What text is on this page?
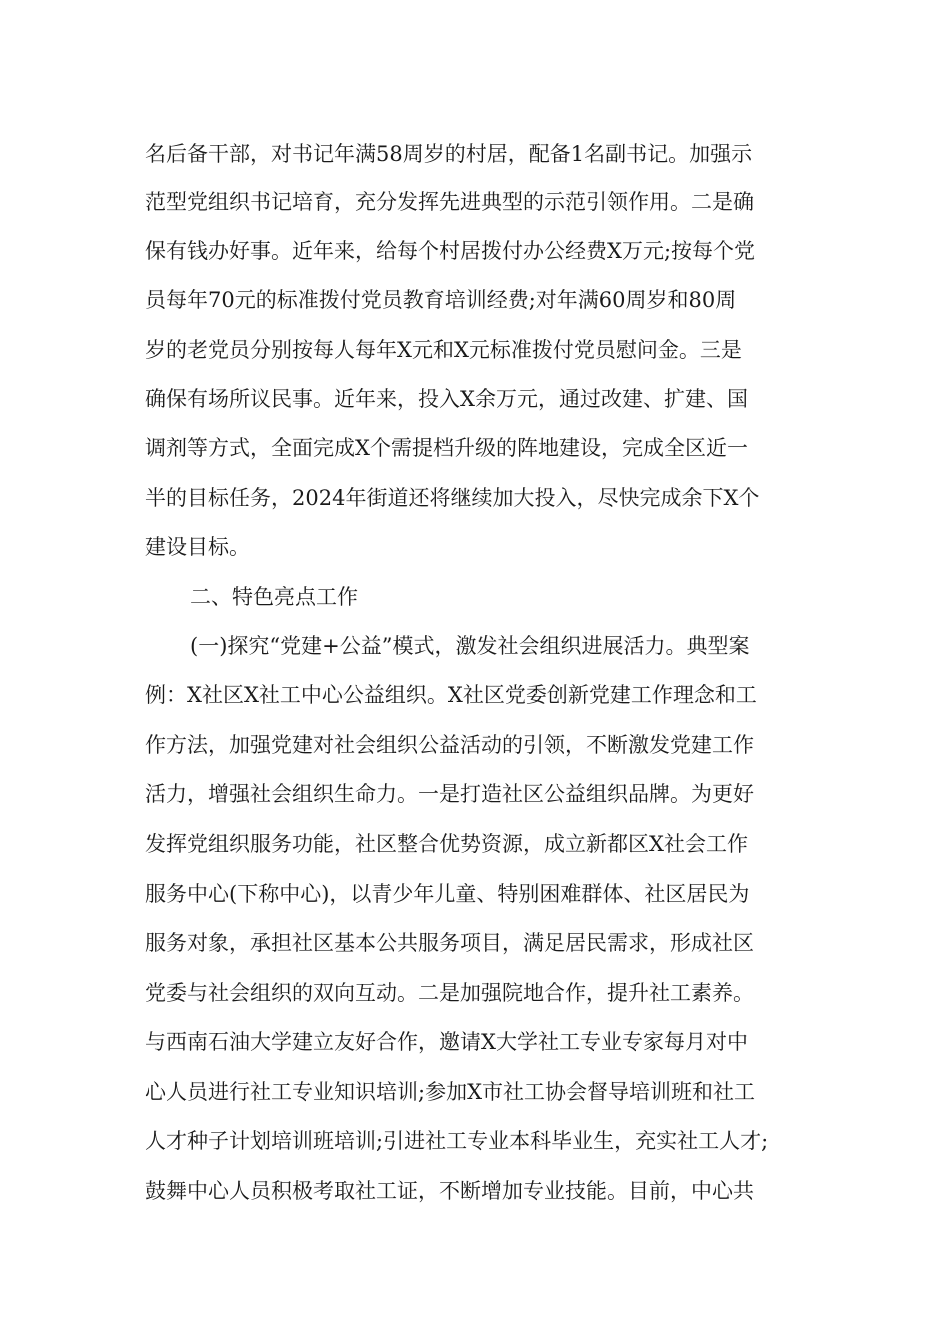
名后备干部，对书记年满58周岁的村居，配备1名副书记。加强示
范型党组织书记培育，充分发挥先进典型的示范引领作用。二是确
保有钱办好事。近年来，给每个村居拨付办公经费X万元;按每个党
员每年70元的标准拨付党员教育培训经费;对年满60周岁和80周
岁的老党员分别按每人每年X元和X元标准拨付党员慰问金。三是
确保有场所议民事。近年来，投入X余万元，通过改建、扩建、国
调剂等方式，全面完成X个需提档升级的阵地建设，完成全区近一
半的目标任务，2024年街道还将继续加大投入，尽快完成余下X个
建设目标。
二、特色亮点工作
(一)探究“党建+公益”模式，激发社会组织进展活力。典型案
例：X社区X社工中心公益组织。X社区党委创新党建工作理念和工
作方法，加强党建对社会组织公益活动的引领，不断激发党建工作
活力，增强社会组织生命力。一是打造社区公益组织品牌。为更好
发挥党组织服务功能，社区整合优势资源，成立新都区X社会工作
服务中心(下称中心)，以青少年儿童、特别困难群体、社区居民为
服务对象，承担社区基本公共服务项目，满足居民需求，形成社区
党委与社会组织的双向互动。二是加强院地合作，提升社工素养。
与西南石油大学建立友好合作，邀请X大学社工专业专家每月对中
心人员进行社工专业知识培训;参加X市社工协会督导培训班和社工
人才种子计划培训班培训;引进社工专业本科毕业生，充实社工人才;
鼓舞中心人员积极考取社工证，不断增加专业技能。目前，中心共
